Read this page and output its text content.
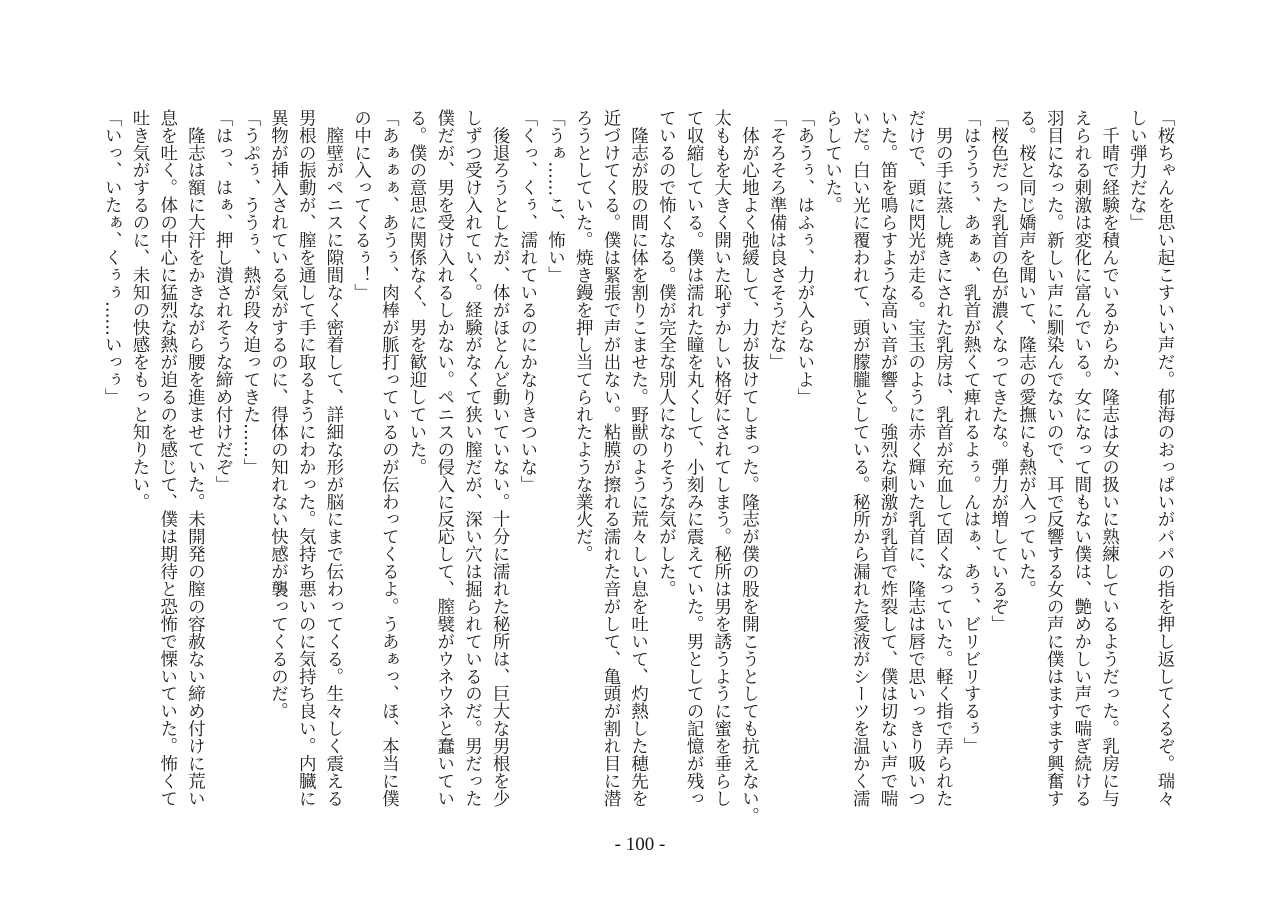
「桜ちゃんを思い起こすいい声だ。郁海のおっぱいがパパの指を押し返してくるぞ。瑞々
しい弾力だな」
　千晴で経験を積んでいるからか、隆志は女の扱いに熟練しているようだった。乳房に与
えられる刺激は変化に富んでいる。女になって間もない僕は、艶めかしい声で喘ぎ続ける
羽目になった。新しい声に馴染んでないので、耳で反響する女の声に僕はますます興奮す
る。桜と同じ嬌声を聞いて、隆志の愛撫にも熱が入っていた。
「桜色だった乳首の色が濃くなってきたな。弾力が増しているぞ」
「はううぅ、あぁぁ、乳首が熱くて痺れるよぅ。んはぁ、あぅ、ビリビリするぅ」
　男の手に蒸し焼きにされた乳房は、乳首が充血して固くなっていた。軽く指で弄られた
だけで、頭に閃光が走る。宝玉のように赤く輝いた乳首に、隆志は唇で思いっきり吸いつ
いた。笛を鳴らすような高い音が響く。強烈な刺激が乳首で炸裂して、僕は切ない声で喘
いだ。白い光に覆われて、頭が朦朧としている。秘所から漏れた愛液がシーツを温かく濡
らしていた。
「あうぅ、はふぅ、力が入らないよ」
「そろそろ準備は良さそうだな」
　体が心地よく弛緩して、力が抜けてしまった。隆志が僕の股を開こうとしても抗えない。
太ももを大きく開いた恥ずかしい格好にされてしまう。秘所は男を誘うように蜜を垂らし
て収縮している。僕は濡れた瞳を丸くして、小刻みに震えていた。男としての記憶が残っ
ているので怖くなる。僕が完全な別人になりそうな気がした。
　隆志が股の間に体を割りこませた。野獣のように荒々しい息を吐いて、灼熱した穂先を
近づけてくる。僕は緊張で声が出ない。粘膜が擦れる濡れた音がして、亀頭が割れ目に潜
ろうとしていた。焼き鏝を押し当てられたような業火だ。
「うぁ……こ、怖い」
「くっ、くぅ、濡れているのにかなりきついな」
　後退ろうとしたが、体がほとんど動いていない。十分に濡れた秘所は、巨大な男根を少
しずつ受け入れていく。経験がなくて狭い膣だが、深い穴は掘られているのだ。男だった
僕だが、男を受け入れるしかない。ペニスの侵入に反応して、膣襞がウネウネと蠢いてい
る。僕の意思に関係なく、男を歓迎していた。
「あぁぁぁ、あうぅ、肉棒が脈打っているのが伝わってくるよ。うあぁっ、ほ、本当に僕
の中に入ってくるぅ！」
　膣壁がペニスに隙間なく密着して、詳細な形が脳にまで伝わってくる。生々しく震える
男根の振動が、膣を通して手に取るようにわかった。気持ち悪いのに気持ち良い。内臓に
異物が挿入されている気がするのに、得体の知れない快感が襲ってくるのだ。
「うぷぅ、ううぅ、熱が段々迫ってきた……」
「はっ、はぁ、押し潰されそうな締め付けだぞ」
　隆志は額に大汗をかきながら腰を進ませていた。未開発の膣の容赦ない締め付けに荒い
息を吐く。体の中心に猛烈な熱が迫るのを感じて、僕は期待と恐怖で慄いていた。怖くて
吐き気がするのに、未知の快感をもっと知りたい。
「いっ、いたぁ、くぅぅ……いっぅ」
- 100 -
